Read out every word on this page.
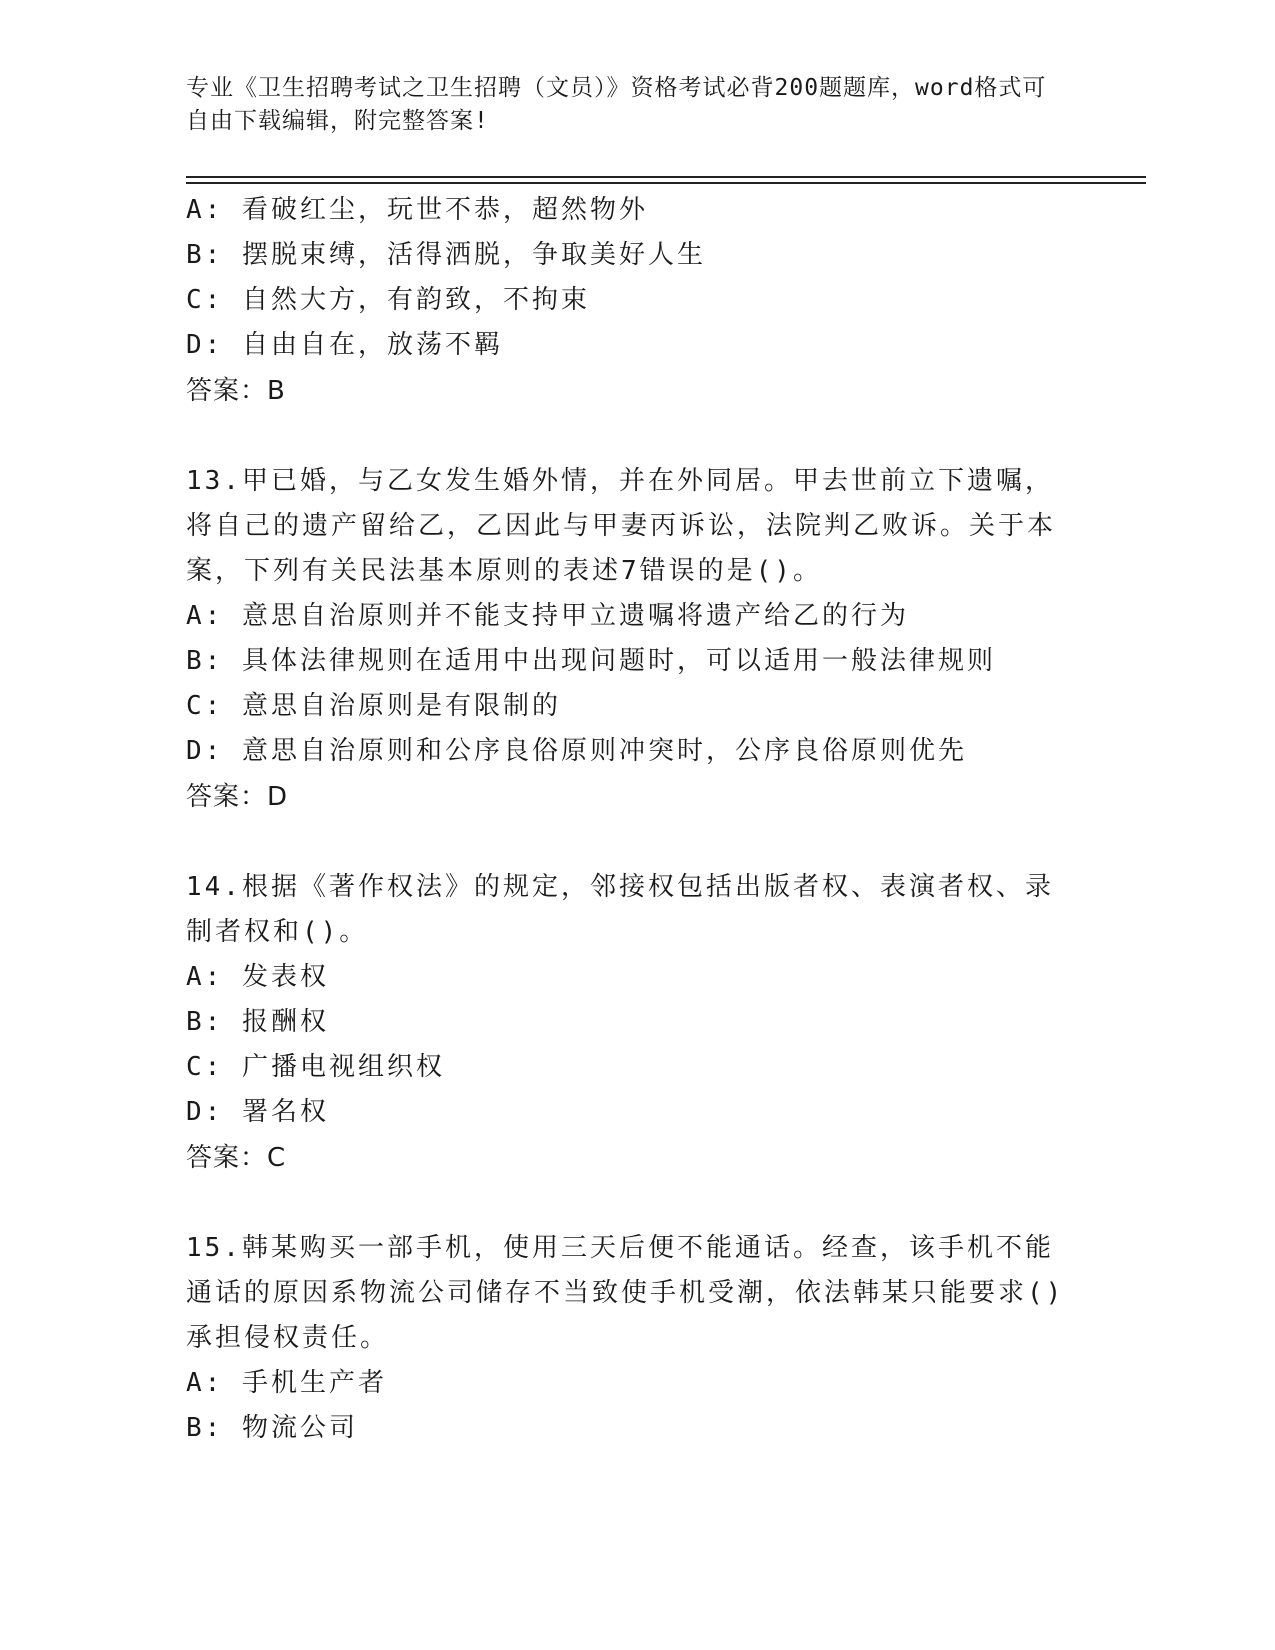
专业《卫生招聘考试之卫生招聘（文员）》资格考试必背200题题库，word格式可自由下载编辑，附完整答案!
A: 看破红尘，玩世不恭，超然物外
B: 摆脱束缚，活得洒脱，争取美好人生
C: 自然大方，有韵致，不拘束
D: 自由自在，放荡不羁
答案：B
13.甲已婚，与乙女发生婚外情，并在外同居。甲去世前立下遗嘱，将自己的遗产留给乙，乙因此与甲妻丙诉讼，法院判乙败诉。关于本案，下列有关民法基本原则的表述7错误的是()。
A: 意思自治原则并不能支持甲立遗嘱将遗产给乙的行为
B: 具体法律规则在适用中出现问题时，可以适用一般法律规则
C: 意思自治原则是有限制的
D: 意思自治原则和公序良俗原则冲突时，公序良俗原则优先
答案：D
14.根据《著作权法》的规定，邻接权包括出版者权、表演者权、录制者权和()。
A: 发表权
B: 报酬权
C: 广播电视组织权
D: 署名权
答案：C
15.韩某购买一部手机，使用三天后便不能通话。经查，该手机不能通话的原因系物流公司储存不当致使手机受潮，依法韩某只能要求()承担侵权责任。
A: 手机生产者
B: 物流公司
